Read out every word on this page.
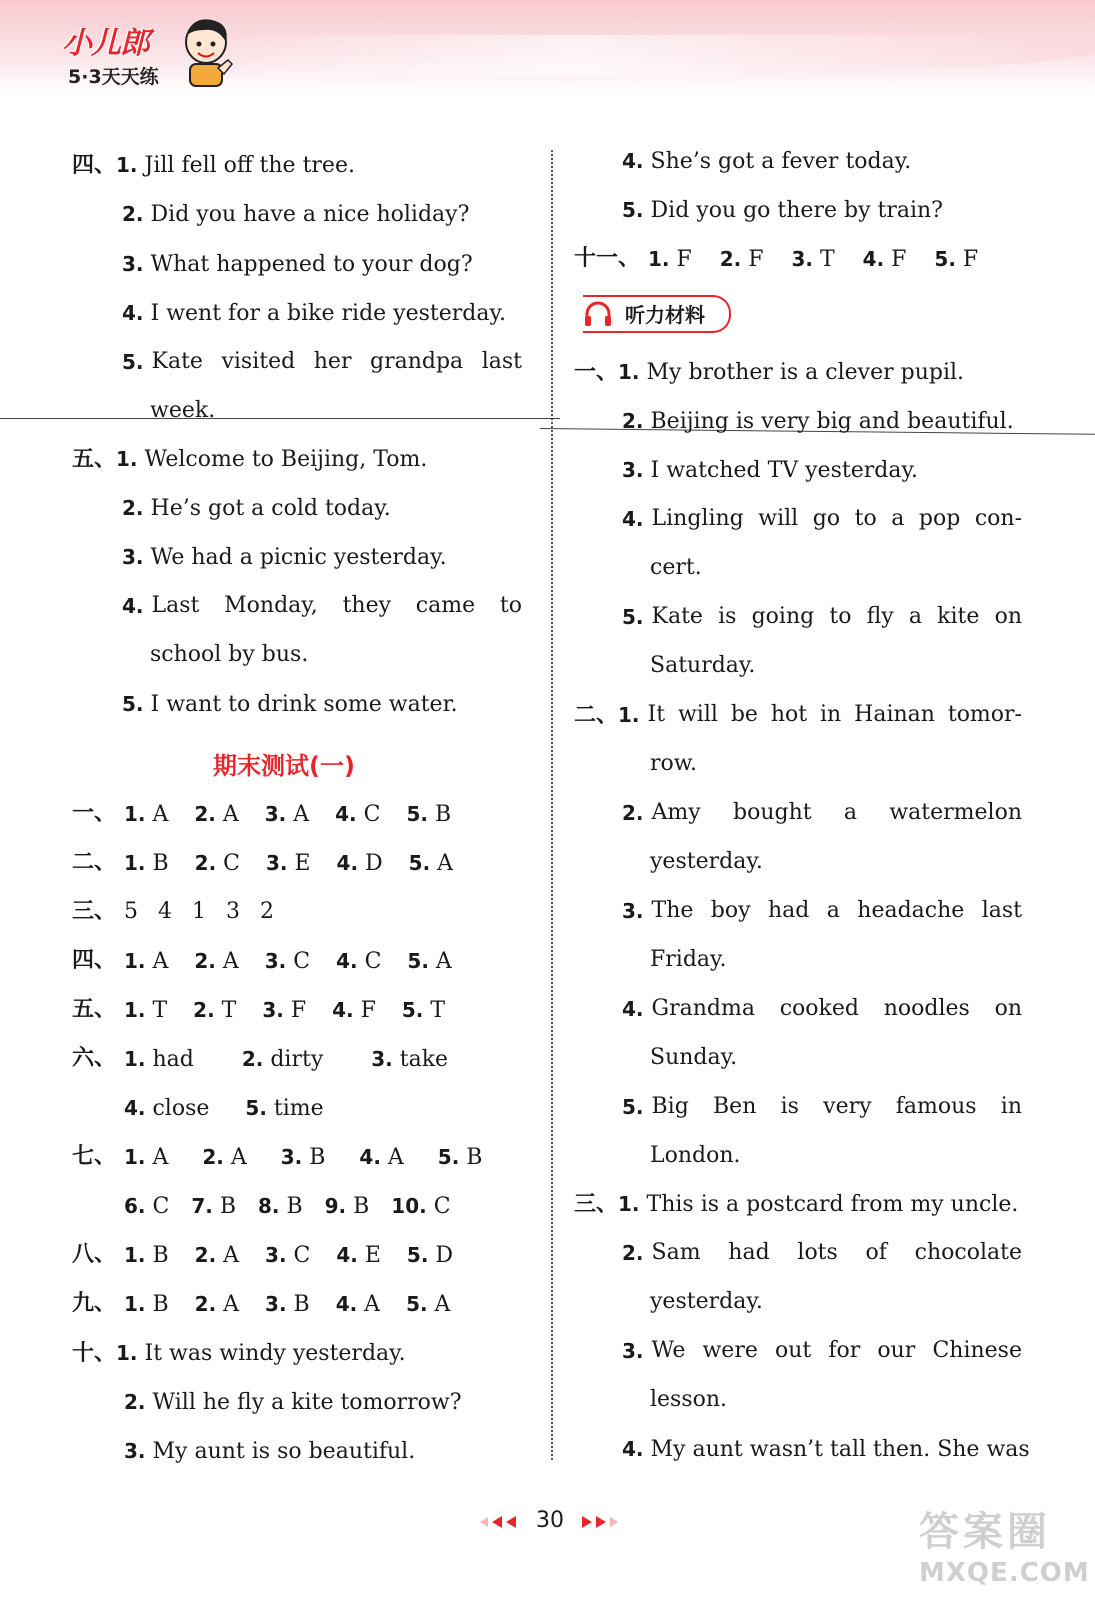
小儿郎
5·3天天练
四、1. Jill fell off the tree.
2. Did you have a nice holiday?
3. What happened to your dog?
4. I went for a bike ride yesterday.
5. Kate visited her grandpa last
week.
五、1. Welcome to Beijing, Tom.
2. He’s got a cold today.
3. We had a picnic yesterday.
4. Last Monday, they came to
school by bus.
5. I want to drink some water.
期末测试(一)
一、 1. A 2. A 3. A 4. C 5. B
二、 1. B 2. C 3. E 4. D 5. A
三、 5 4 1 3 2
四、 1. A 2. A 3. C 4. C 5. A
五、 1. T 2. T 3. F 4. F 5. T
六、 1. had 2. dirty 3. take
4. close 5. time
七、 1. A 2. A 3. B 4. A 5. B
6. C 7. B 8. B 9. B 10. C
八、 1. B 2. A 3. C 4. E 5. D
九、 1. B 2. A 3. B 4. A 5. A
十、1. It was windy yesterday.
2. Will he fly a kite tomorrow?
3. My aunt is so beautiful.
4. She’s got a fever today.
5. Did you go there by train?
十一、 1. F 2. F 3. T 4. F 5. F
听力材料
一、1. My brother is a clever pupil.
2. Beijing is very big and beautiful.
3. I watched TV yesterday.
4. Lingling will go to a pop con-
cert.
5. Kate is going to fly a kite on
Saturday.
二、1. It will be hot in Hainan tomor-
row.
2. Amy bought a watermelon
yesterday.
3. The boy had a headache last
Friday.
4. Grandma cooked noodles on
Sunday.
5. Big Ben is very famous in
London.
三、1. This is a postcard from my uncle.
2. Sam had lots of chocolate
yesterday.
3. We were out for our Chinese
lesson.
4. My aunt wasn’t tall then. She was
30	答案圈
MXQE.COM
